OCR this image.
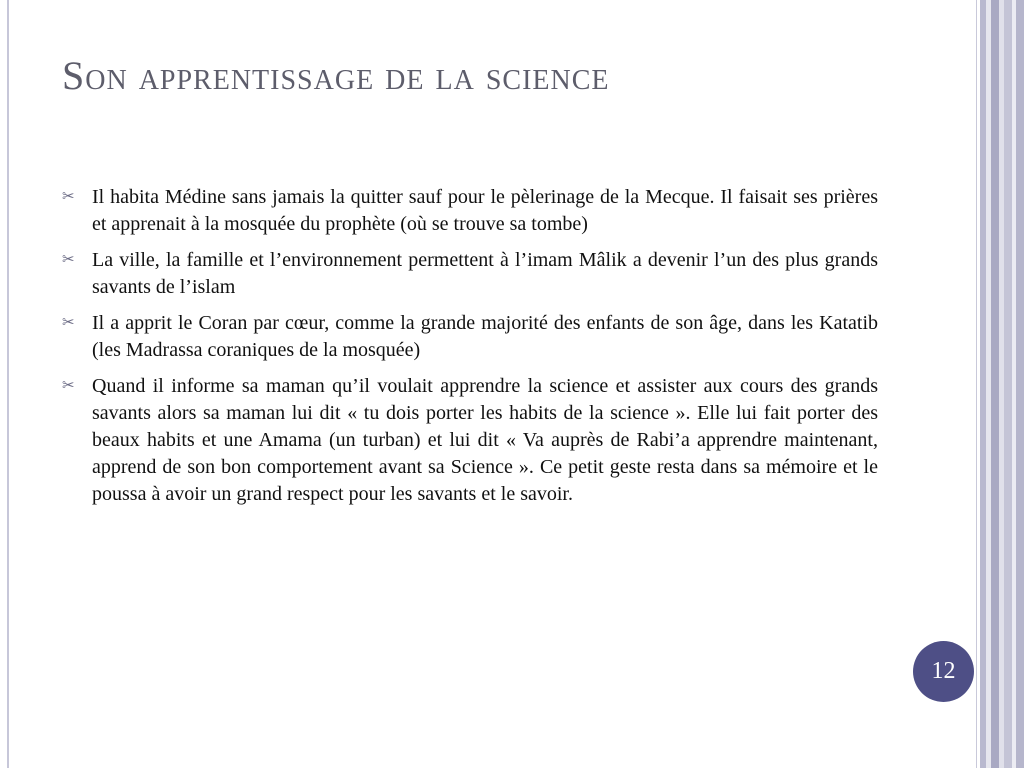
Son apprentissage de la science
✂ Il habita Médine sans jamais la quitter sauf pour le pèlerinage de la Mecque. Il faisait ses prières et apprenait à la mosquée du prophète (où se trouve sa tombe)
✂ La ville, la famille et l’environnement permettent à l’imam Mâlik a devenir l’un des plus grands savants de l’islam
✂ Il a apprit le Coran par cœur, comme la grande majorité des enfants de son âge, dans les Katatib (les Madrassa coraniques de la mosquée)
✂ Quand il informe sa maman qu’il voulait apprendre la science et assister aux cours des grands savants alors sa maman lui dit « tu dois porter les habits de la science ». Elle lui fait porter des beaux habits et une Amama (un turban) et lui dit « Va auprès de Rabi’a apprendre maintenant, apprend de son bon comportement avant sa Science ». Ce petit geste resta dans sa mémoire et le poussa à avoir un grand respect pour les savants et le savoir.
12
